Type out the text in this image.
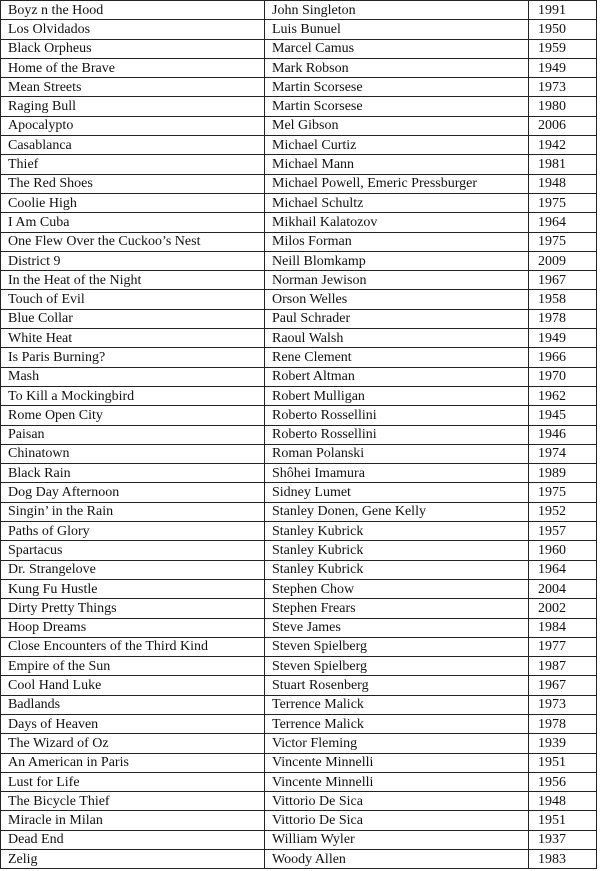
Boyz n the Hood	John Singleton	1991
Los Olvidados	Luis Bunuel	1950
Black Orpheus	Marcel Camus	1959
Home of the Brave	Mark Robson	1949
Mean Streets	Martin Scorsese	1973
Raging Bull	Martin Scorsese	1980
Apocalypto	Mel Gibson	2006
Casablanca	Michael Curtiz	1942
Thief	Michael Mann	1981
The Red Shoes	Michael Powell, Emeric Pressburger	1948
Coolie High	Michael Schultz	1975
I Am Cuba	Mikhail Kalatozov	1964
One Flew Over the Cuckoo’s Nest	Milos Forman	1975
District 9	Neill Blomkamp	2009
In the Heat of the Night	Norman Jewison	1967
Touch of Evil	Orson Welles	1958
Blue Collar	Paul Schrader	1978
White Heat	Raoul Walsh	1949
Is Paris Burning?	Rene Clement	1966
Mash	Robert Altman	1970
To Kill a Mockingbird	Robert Mulligan	1962
Rome Open City	Roberto Rossellini	1945
Paisan	Roberto Rossellini	1946
Chinatown	Roman Polanski	1974
Black Rain	Shôhei Imamura	1989
Dog Day Afternoon	Sidney Lumet	1975
Singin’ in the Rain	Stanley Donen, Gene Kelly	1952
Paths of Glory	Stanley Kubrick	1957
Spartacus	Stanley Kubrick	1960
Dr. Strangelove	Stanley Kubrick	1964
Kung Fu Hustle	Stephen Chow	2004
Dirty Pretty Things	Stephen Frears	2002
Hoop Dreams	Steve James	1984
Close Encounters of the Third Kind	Steven Spielberg	1977
Empire of the Sun	Steven Spielberg	1987
Cool Hand Luke	Stuart Rosenberg	1967
Badlands	Terrence Malick	1973
Days of Heaven	Terrence Malick	1978
The Wizard of Oz	Victor Fleming	1939
An American in Paris	Vincente Minnelli	1951
Lust for Life	Vincente Minnelli	1956
The Bicycle Thief	Vittorio De Sica	1948
Miracle in Milan	Vittorio De Sica	1951
Dead End	William Wyler	1937
Zelig	Woody Allen	1983
